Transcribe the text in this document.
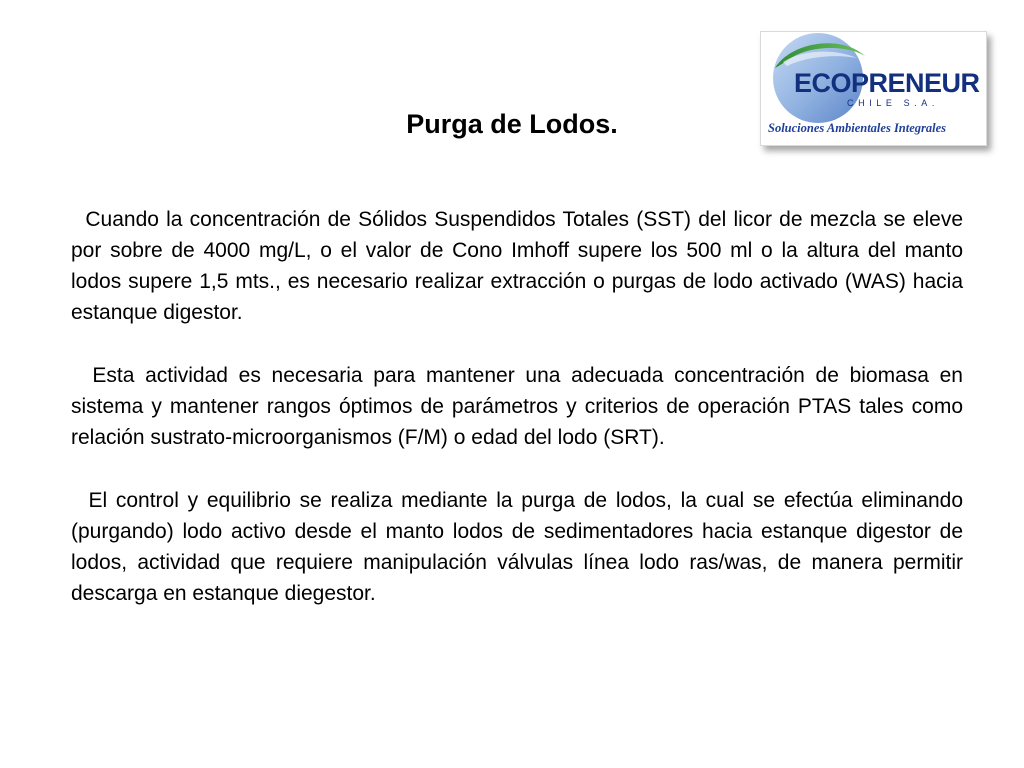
Purga de Lodos.
ECOPRENEUR
CHILE S.A.
Soluciones Ambientales Integrales

Cuando la concentración de Sólidos Suspendidos Totales (SST) del licor de mezcla se eleve por sobre de 4000 mg/L, o el valor de Cono Imhoff supere los 500 ml o la altura del manto lodos supere 1,5 mts., es necesario realizar extracción o purgas de lodo activado (WAS) hacia estanque digestor.

Esta actividad es necesaria para mantener una adecuada concentración de biomasa en sistema y mantener rangos óptimos de parámetros y criterios de operación PTAS tales como relación sustrato-microorganismos (F/M) o edad del lodo (SRT).

El control y equilibrio se realiza mediante la purga de lodos, la cual se efectúa eliminando (purgando) lodo activo desde el manto lodos de sedimentadores hacia estanque digestor de lodos, actividad que requiere manipulación válvulas línea lodo ras/was, de manera permitir descarga en estanque diegestor.
